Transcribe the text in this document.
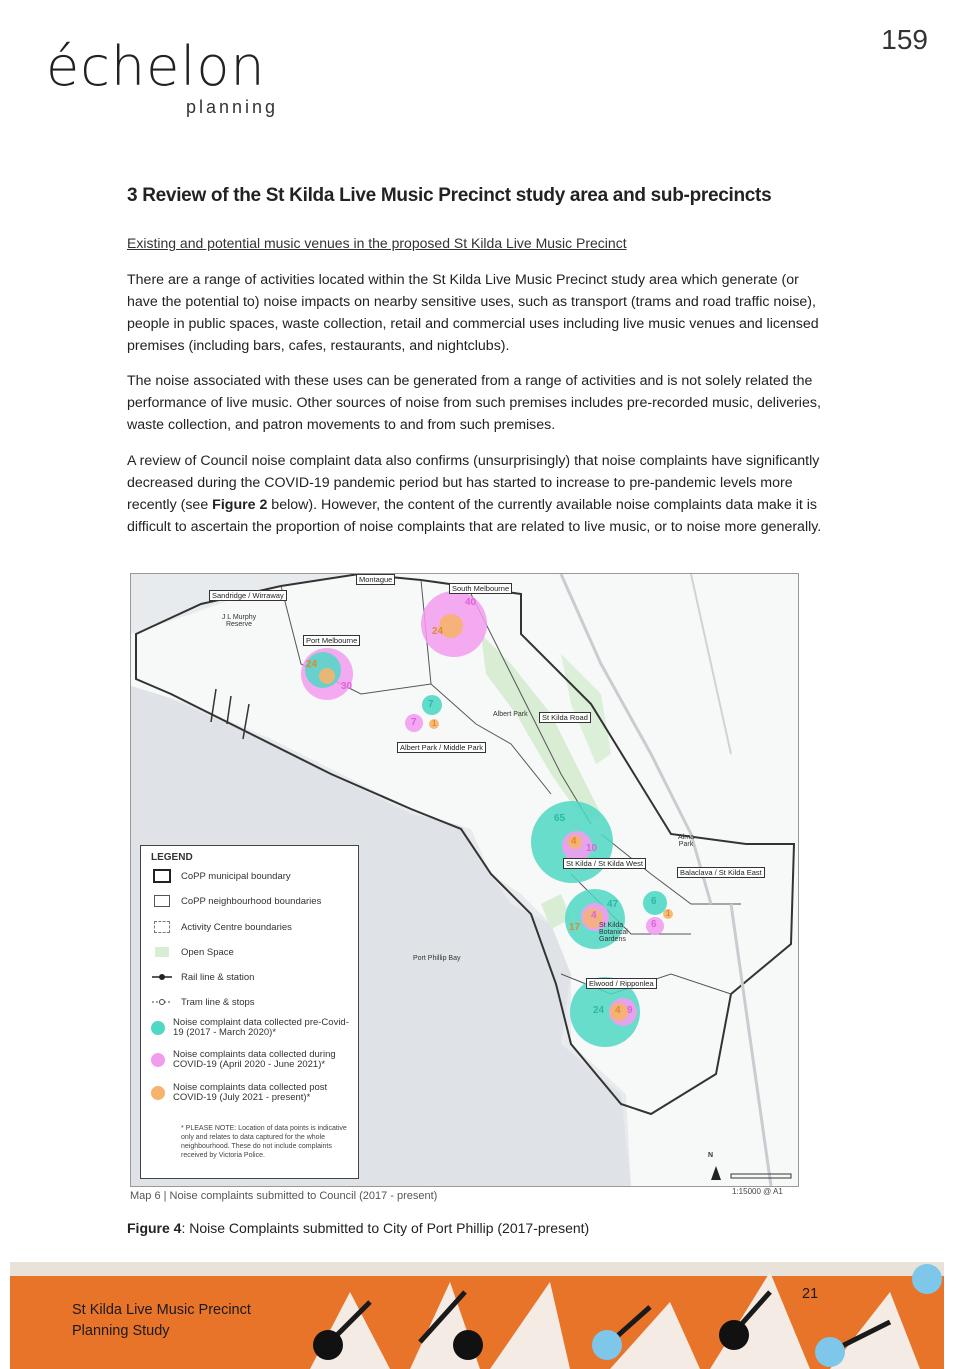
159
échelon
planning
3 Review of the St Kilda Live Music Precinct study area and sub-precincts
Existing and potential music venues in the proposed St Kilda Live Music Precinct

There are a range of activities located within the St Kilda Live Music Precinct study area which generate (or have the potential to) noise impacts on nearby sensitive uses, such as transport (trams and road traffic noise), people in public spaces, waste collection, retail and commercial uses including live music venues and licensed premises (including bars, cafes, restaurants, and nightclubs).

The noise associated with these uses can be generated from a range of activities and is not solely related the performance of live music. Other sources of noise from such premises includes pre-recorded music, deliveries, waste collection, and patron movements to and from such premises.

A review of Council noise complaint data also confirms (unsurprisingly) that noise complaints have significantly decreased during the COVID-19 pandemic period but has started to increase to pre-pandemic levels more recently (see Figure 2 below). However, the content of the currently available noise complaints data make it is difficult to ascertain the proportion of noise complaints that are related to live music, or to noise more generally.

Montague
Sandridge / Wirraway
J L Murphy Reserve
Port Melbourne
South Melbourne
Albert Park	St Kilda Road
Albert Park / Middle Park
St Kilda / St Kilda West
Alma Park
Balaclava / St Kilda East
St Kilda Botanical Gardens
Port Phillip Bay
Elwood / Ripponlea
40
24
24
30
7
7 1
65
4
10
47
4
17
6
6
1
24 4 9
N
LEGEND
CoPP municipal boundary
CoPP neighbourhood boundaries
Activity Centre boundaries
Open Space
Rail line & station
Tram line & stops
Noise complaint data collected pre-Covid-19 (2017 - March 2020)*
Noise complaints data collected during COVID-19 (April 2020 - June 2021)*
Noise complaints data collected post COVID-19 (July 2021 - present)*
* PLEASE NOTE: Location of data points is indicative only and relates to data captured for the whole neighbourhood. These do not include complaints received by Victoria Police.
Map 6 | Noise complaints submitted to Council (2017 - present)	1:15000 @ A1
Figure 4: Noise Complaints submitted to City of Port Phillip (2017-present)
St Kilda Live Music Precinct
Planning Study
21
